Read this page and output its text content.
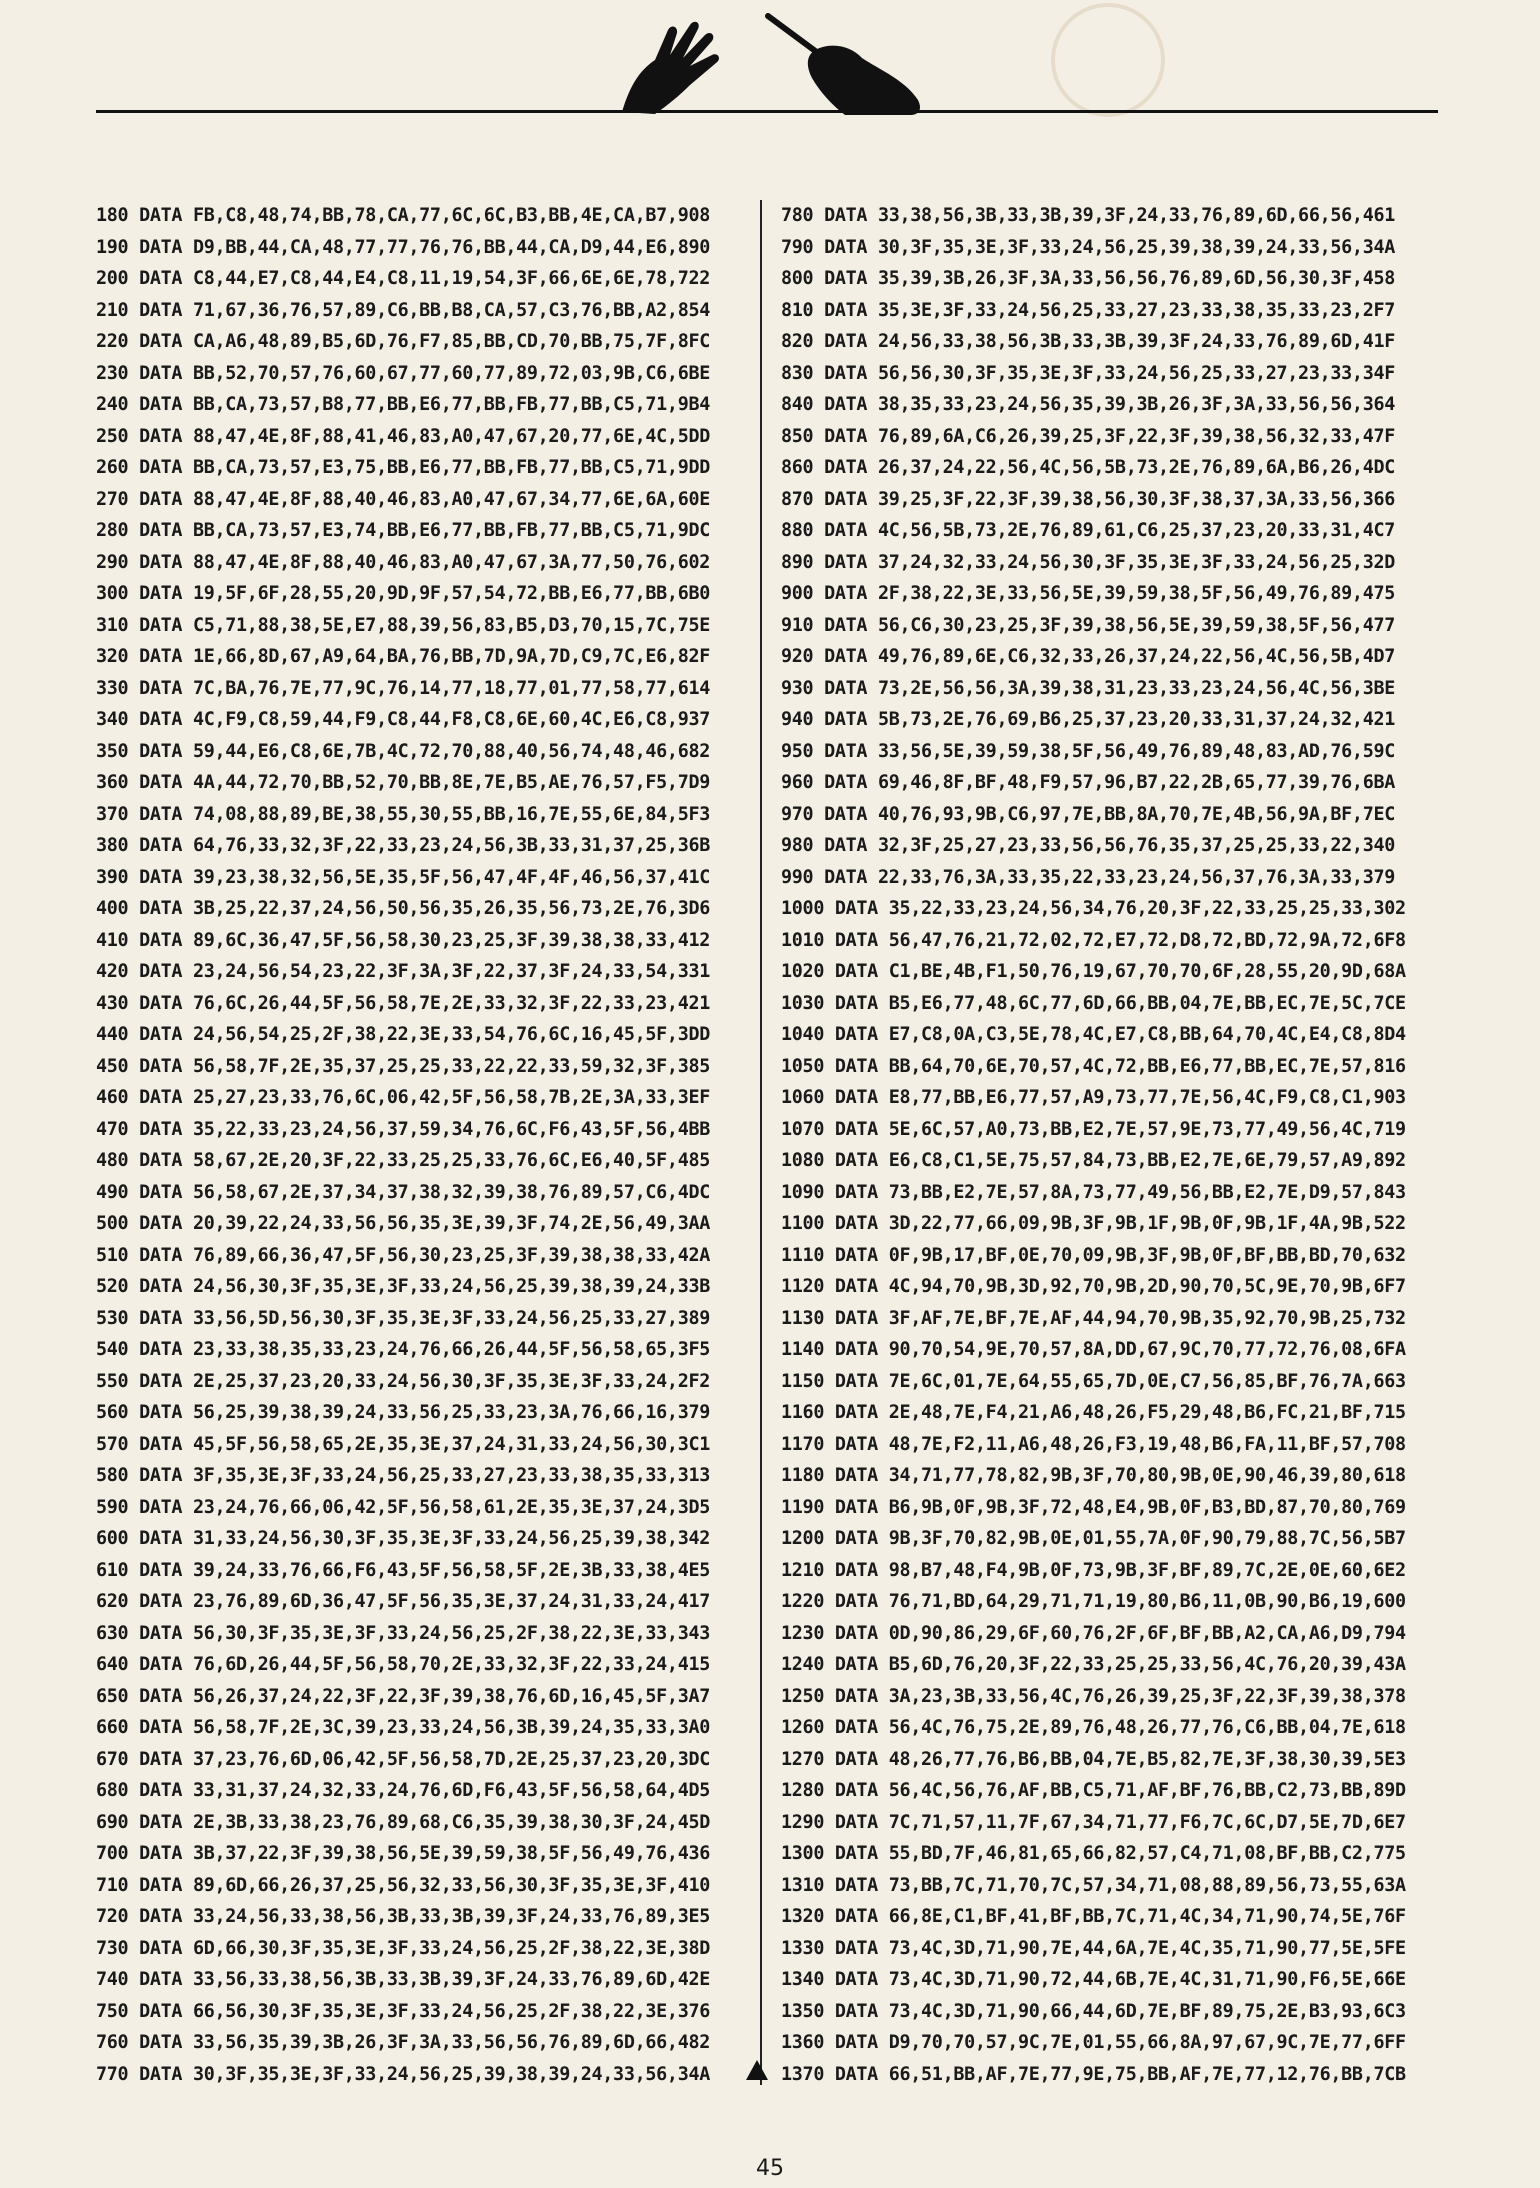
180 DATA FB,C8,48,74,BB,78,CA,77,6C,6C,B3,BB,4E,CA,B7,908
190 DATA D9,BB,44,CA,48,77,77,76,76,BB,44,CA,D9,44,E6,890
200 DATA C8,44,E7,C8,44,E4,C8,11,19,54,3F,66,6E,6E,78,722
210 DATA 71,67,36,76,57,89,C6,BB,B8,CA,57,C3,76,BB,A2,854
220 DATA CA,A6,48,89,B5,6D,76,F7,85,BB,CD,70,BB,75,7F,8FC
230 DATA BB,52,70,57,76,60,67,77,60,77,89,72,03,9B,C6,6BE
240 DATA BB,CA,73,57,B8,77,BB,E6,77,BB,FB,77,BB,C5,71,9B4
250 DATA 88,47,4E,8F,88,41,46,83,A0,47,67,20,77,6E,4C,5DD
260 DATA BB,CA,73,57,E3,75,BB,E6,77,BB,FB,77,BB,C5,71,9DD
270 DATA 88,47,4E,8F,88,40,46,83,A0,47,67,34,77,6E,6A,60E
280 DATA BB,CA,73,57,E3,74,BB,E6,77,BB,FB,77,BB,C5,71,9DC
290 DATA 88,47,4E,8F,88,40,46,83,A0,47,67,3A,77,50,76,602
300 DATA 19,5F,6F,28,55,20,9D,9F,57,54,72,BB,E6,77,BB,6B0
310 DATA C5,71,88,38,5E,E7,88,39,56,83,B5,D3,70,15,7C,75E
320 DATA 1E,66,8D,67,A9,64,BA,76,BB,7D,9A,7D,C9,7C,E6,82F
330 DATA 7C,BA,76,7E,77,9C,76,14,77,18,77,01,77,58,77,614
340 DATA 4C,F9,C8,59,44,F9,C8,44,F8,C8,6E,60,4C,E6,C8,937
350 DATA 59,44,E6,C8,6E,7B,4C,72,70,88,40,56,74,48,46,682
360 DATA 4A,44,72,70,BB,52,70,BB,8E,7E,B5,AE,76,57,F5,7D9
370 DATA 74,08,88,89,BE,38,55,30,55,BB,16,7E,55,6E,84,5F3
380 DATA 64,76,33,32,3F,22,33,23,24,56,3B,33,31,37,25,36B
390 DATA 39,23,38,32,56,5E,35,5F,56,47,4F,4F,46,56,37,41C
400 DATA 3B,25,22,37,24,56,50,56,35,26,35,56,73,2E,76,3D6
410 DATA 89,6C,36,47,5F,56,58,30,23,25,3F,39,38,38,33,412
420 DATA 23,24,56,54,23,22,3F,3A,3F,22,37,3F,24,33,54,331
430 DATA 76,6C,26,44,5F,56,58,7E,2E,33,32,3F,22,33,23,421
440 DATA 24,56,54,25,2F,38,22,3E,33,54,76,6C,16,45,5F,3DD
450 DATA 56,58,7F,2E,35,37,25,25,33,22,22,33,59,32,3F,385
460 DATA 25,27,23,33,76,6C,06,42,5F,56,58,7B,2E,3A,33,3EF
470 DATA 35,22,33,23,24,56,37,59,34,76,6C,F6,43,5F,56,4BB
480 DATA 58,67,2E,20,3F,22,33,25,25,33,76,6C,E6,40,5F,485
490 DATA 56,58,67,2E,37,34,37,38,32,39,38,76,89,57,C6,4DC
500 DATA 20,39,22,24,33,56,56,35,3E,39,3F,74,2E,56,49,3AA
510 DATA 76,89,66,36,47,5F,56,30,23,25,3F,39,38,38,33,42A
520 DATA 24,56,30,3F,35,3E,3F,33,24,56,25,39,38,39,24,33B
530 DATA 33,56,5D,56,30,3F,35,3E,3F,33,24,56,25,33,27,389
540 DATA 23,33,38,35,33,23,24,76,66,26,44,5F,56,58,65,3F5
550 DATA 2E,25,37,23,20,33,24,56,30,3F,35,3E,3F,33,24,2F2
560 DATA 56,25,39,38,39,24,33,56,25,33,23,3A,76,66,16,379
570 DATA 45,5F,56,58,65,2E,35,3E,37,24,31,33,24,56,30,3C1
580 DATA 3F,35,3E,3F,33,24,56,25,33,27,23,33,38,35,33,313
590 DATA 23,24,76,66,06,42,5F,56,58,61,2E,35,3E,37,24,3D5
600 DATA 31,33,24,56,30,3F,35,3E,3F,33,24,56,25,39,38,342
610 DATA 39,24,33,76,66,F6,43,5F,56,58,5F,2E,3B,33,38,4E5
620 DATA 23,76,89,6D,36,47,5F,56,35,3E,37,24,31,33,24,417
630 DATA 56,30,3F,35,3E,3F,33,24,56,25,2F,38,22,3E,33,343
640 DATA 76,6D,26,44,5F,56,58,70,2E,33,32,3F,22,33,24,415
650 DATA 56,26,37,24,22,3F,22,3F,39,38,76,6D,16,45,5F,3A7
660 DATA 56,58,7F,2E,3C,39,23,33,24,56,3B,39,24,35,33,3A0
670 DATA 37,23,76,6D,06,42,5F,56,58,7D,2E,25,37,23,20,3DC
680 DATA 33,31,37,24,32,33,24,76,6D,F6,43,5F,56,58,64,4D5
690 DATA 2E,3B,33,38,23,76,89,68,C6,35,39,38,30,3F,24,45D
700 DATA 3B,37,22,3F,39,38,56,5E,39,59,38,5F,56,49,76,436
710 DATA 89,6D,66,26,37,25,56,32,33,56,30,3F,35,3E,3F,410
720 DATA 33,24,56,33,38,56,3B,33,3B,39,3F,24,33,76,89,3E5
730 DATA 6D,66,30,3F,35,3E,3F,33,24,56,25,2F,38,22,3E,38D
740 DATA 33,56,33,38,56,3B,33,3B,39,3F,24,33,76,89,6D,42E
750 DATA 66,56,30,3F,35,3E,3F,33,24,56,25,2F,38,22,3E,376
760 DATA 33,56,35,39,3B,26,3F,3A,33,56,56,76,89,6D,66,482
770 DATA 30,3F,35,3E,3F,33,24,56,25,39,38,39,24,33,56,34A
780 DATA 33,38,56,3B,33,3B,39,3F,24,33,76,89,6D,66,56,461
790 DATA 30,3F,35,3E,3F,33,24,56,25,39,38,39,24,33,56,34A
800 DATA 35,39,3B,26,3F,3A,33,56,56,76,89,6D,56,30,3F,458
810 DATA 35,3E,3F,33,24,56,25,33,27,23,33,38,35,33,23,2F7
820 DATA 24,56,33,38,56,3B,33,3B,39,3F,24,33,76,89,6D,41F
830 DATA 56,56,30,3F,35,3E,3F,33,24,56,25,33,27,23,33,34F
840 DATA 38,35,33,23,24,56,35,39,3B,26,3F,3A,33,56,56,364
850 DATA 76,89,6A,C6,26,39,25,3F,22,3F,39,38,56,32,33,47F
860 DATA 26,37,24,22,56,4C,56,5B,73,2E,76,89,6A,B6,26,4DC
870 DATA 39,25,3F,22,3F,39,38,56,30,3F,38,37,3A,33,56,366
880 DATA 4C,56,5B,73,2E,76,89,61,C6,25,37,23,20,33,31,4C7
890 DATA 37,24,32,33,24,56,30,3F,35,3E,3F,33,24,56,25,32D
900 DATA 2F,38,22,3E,33,56,5E,39,59,38,5F,56,49,76,89,475
910 DATA 56,C6,30,23,25,3F,39,38,56,5E,39,59,38,5F,56,477
920 DATA 49,76,89,6E,C6,32,33,26,37,24,22,56,4C,56,5B,4D7
930 DATA 73,2E,56,56,3A,39,38,31,23,33,23,24,56,4C,56,3BE
940 DATA 5B,73,2E,76,69,B6,25,37,23,20,33,31,37,24,32,421
950 DATA 33,56,5E,39,59,38,5F,56,49,76,89,48,83,AD,76,59C
960 DATA 69,46,8F,BF,48,F9,57,96,B7,22,2B,65,77,39,76,6BA
970 DATA 40,76,93,9B,C6,97,7E,BB,8A,70,7E,4B,56,9A,BF,7EC
980 DATA 32,3F,25,27,23,33,56,56,76,35,37,25,25,33,22,340
990 DATA 22,33,76,3A,33,35,22,33,23,24,56,37,76,3A,33,379
1000 DATA 35,22,33,23,24,56,34,76,20,3F,22,33,25,25,33,302
1010 DATA 56,47,76,21,72,02,72,E7,72,D8,72,BD,72,9A,72,6F8
1020 DATA C1,BE,4B,F1,50,76,19,67,70,70,6F,28,55,20,9D,68A
1030 DATA B5,E6,77,48,6C,77,6D,66,BB,04,7E,BB,EC,7E,5C,7CE
1040 DATA E7,C8,0A,C3,5E,78,4C,E7,C8,BB,64,70,4C,E4,C8,8D4
1050 DATA BB,64,70,6E,70,57,4C,72,BB,E6,77,BB,EC,7E,57,816
1060 DATA E8,77,BB,E6,77,57,A9,73,77,7E,56,4C,F9,C8,C1,903
1070 DATA 5E,6C,57,A0,73,BB,E2,7E,57,9E,73,77,49,56,4C,719
1080 DATA E6,C8,C1,5E,75,57,84,73,BB,E2,7E,6E,79,57,A9,892
1090 DATA 73,BB,E2,7E,57,8A,73,77,49,56,BB,E2,7E,D9,57,843
1100 DATA 3D,22,77,66,09,9B,3F,9B,1F,9B,0F,9B,1F,4A,9B,522
1110 DATA 0F,9B,17,BF,0E,70,09,9B,3F,9B,0F,BF,BB,BD,70,632
1120 DATA 4C,94,70,9B,3D,92,70,9B,2D,90,70,5C,9E,70,9B,6F7
1130 DATA 3F,AF,7E,BF,7E,AF,44,94,70,9B,35,92,70,9B,25,732
1140 DATA 90,70,54,9E,70,57,8A,DD,67,9C,70,77,72,76,08,6FA
1150 DATA 7E,6C,01,7E,64,55,65,7D,0E,C7,56,85,BF,76,7A,663
1160 DATA 2E,48,7E,F4,21,A6,48,26,F5,29,48,B6,FC,21,BF,715
1170 DATA 48,7E,F2,11,A6,48,26,F3,19,48,B6,FA,11,BF,57,708
1180 DATA 34,71,77,78,82,9B,3F,70,80,9B,0E,90,46,39,80,618
1190 DATA B6,9B,0F,9B,3F,72,48,E4,9B,0F,B3,BD,87,70,80,769
1200 DATA 9B,3F,70,82,9B,0E,01,55,7A,0F,90,79,88,7C,56,5B7
1210 DATA 98,B7,48,F4,9B,0F,73,9B,3F,BF,89,7C,2E,0E,60,6E2
1220 DATA 76,71,BD,64,29,71,71,19,80,B6,11,0B,90,B6,19,600
1230 DATA 0D,90,86,29,6F,60,76,2F,6F,BF,BB,A2,CA,A6,D9,794
1240 DATA B5,6D,76,20,3F,22,33,25,25,33,56,4C,76,20,39,43A
1250 DATA 3A,23,3B,33,56,4C,76,26,39,25,3F,22,3F,39,38,378
1260 DATA 56,4C,76,75,2E,89,76,48,26,77,76,C6,BB,04,7E,618
1270 DATA 48,26,77,76,B6,BB,04,7E,B5,82,7E,3F,38,30,39,5E3
1280 DATA 56,4C,56,76,AF,BB,C5,71,AF,BF,76,BB,C2,73,BB,89D
1290 DATA 7C,71,57,11,7F,67,34,71,77,F6,7C,6C,D7,5E,7D,6E7
1300 DATA 55,BD,7F,46,81,65,66,82,57,C4,71,08,BF,BB,C2,775
1310 DATA 73,BB,7C,71,70,7C,57,34,71,08,88,89,56,73,55,63A
1320 DATA 66,8E,C1,BF,41,BF,BB,7C,71,4C,34,71,90,74,5E,76F
1330 DATA 73,4C,3D,71,90,7E,44,6A,7E,4C,35,71,90,77,5E,5FE
1340 DATA 73,4C,3D,71,90,72,44,6B,7E,4C,31,71,90,F6,5E,66E
1350 DATA 73,4C,3D,71,90,66,44,6D,7E,BF,89,75,2E,B3,93,6C3
1360 DATA D9,70,70,57,9C,7E,01,55,66,8A,97,67,9C,7E,77,6FF
1370 DATA 66,51,BB,AF,7E,77,9E,75,BB,AF,7E,77,12,76,BB,7CB
45
